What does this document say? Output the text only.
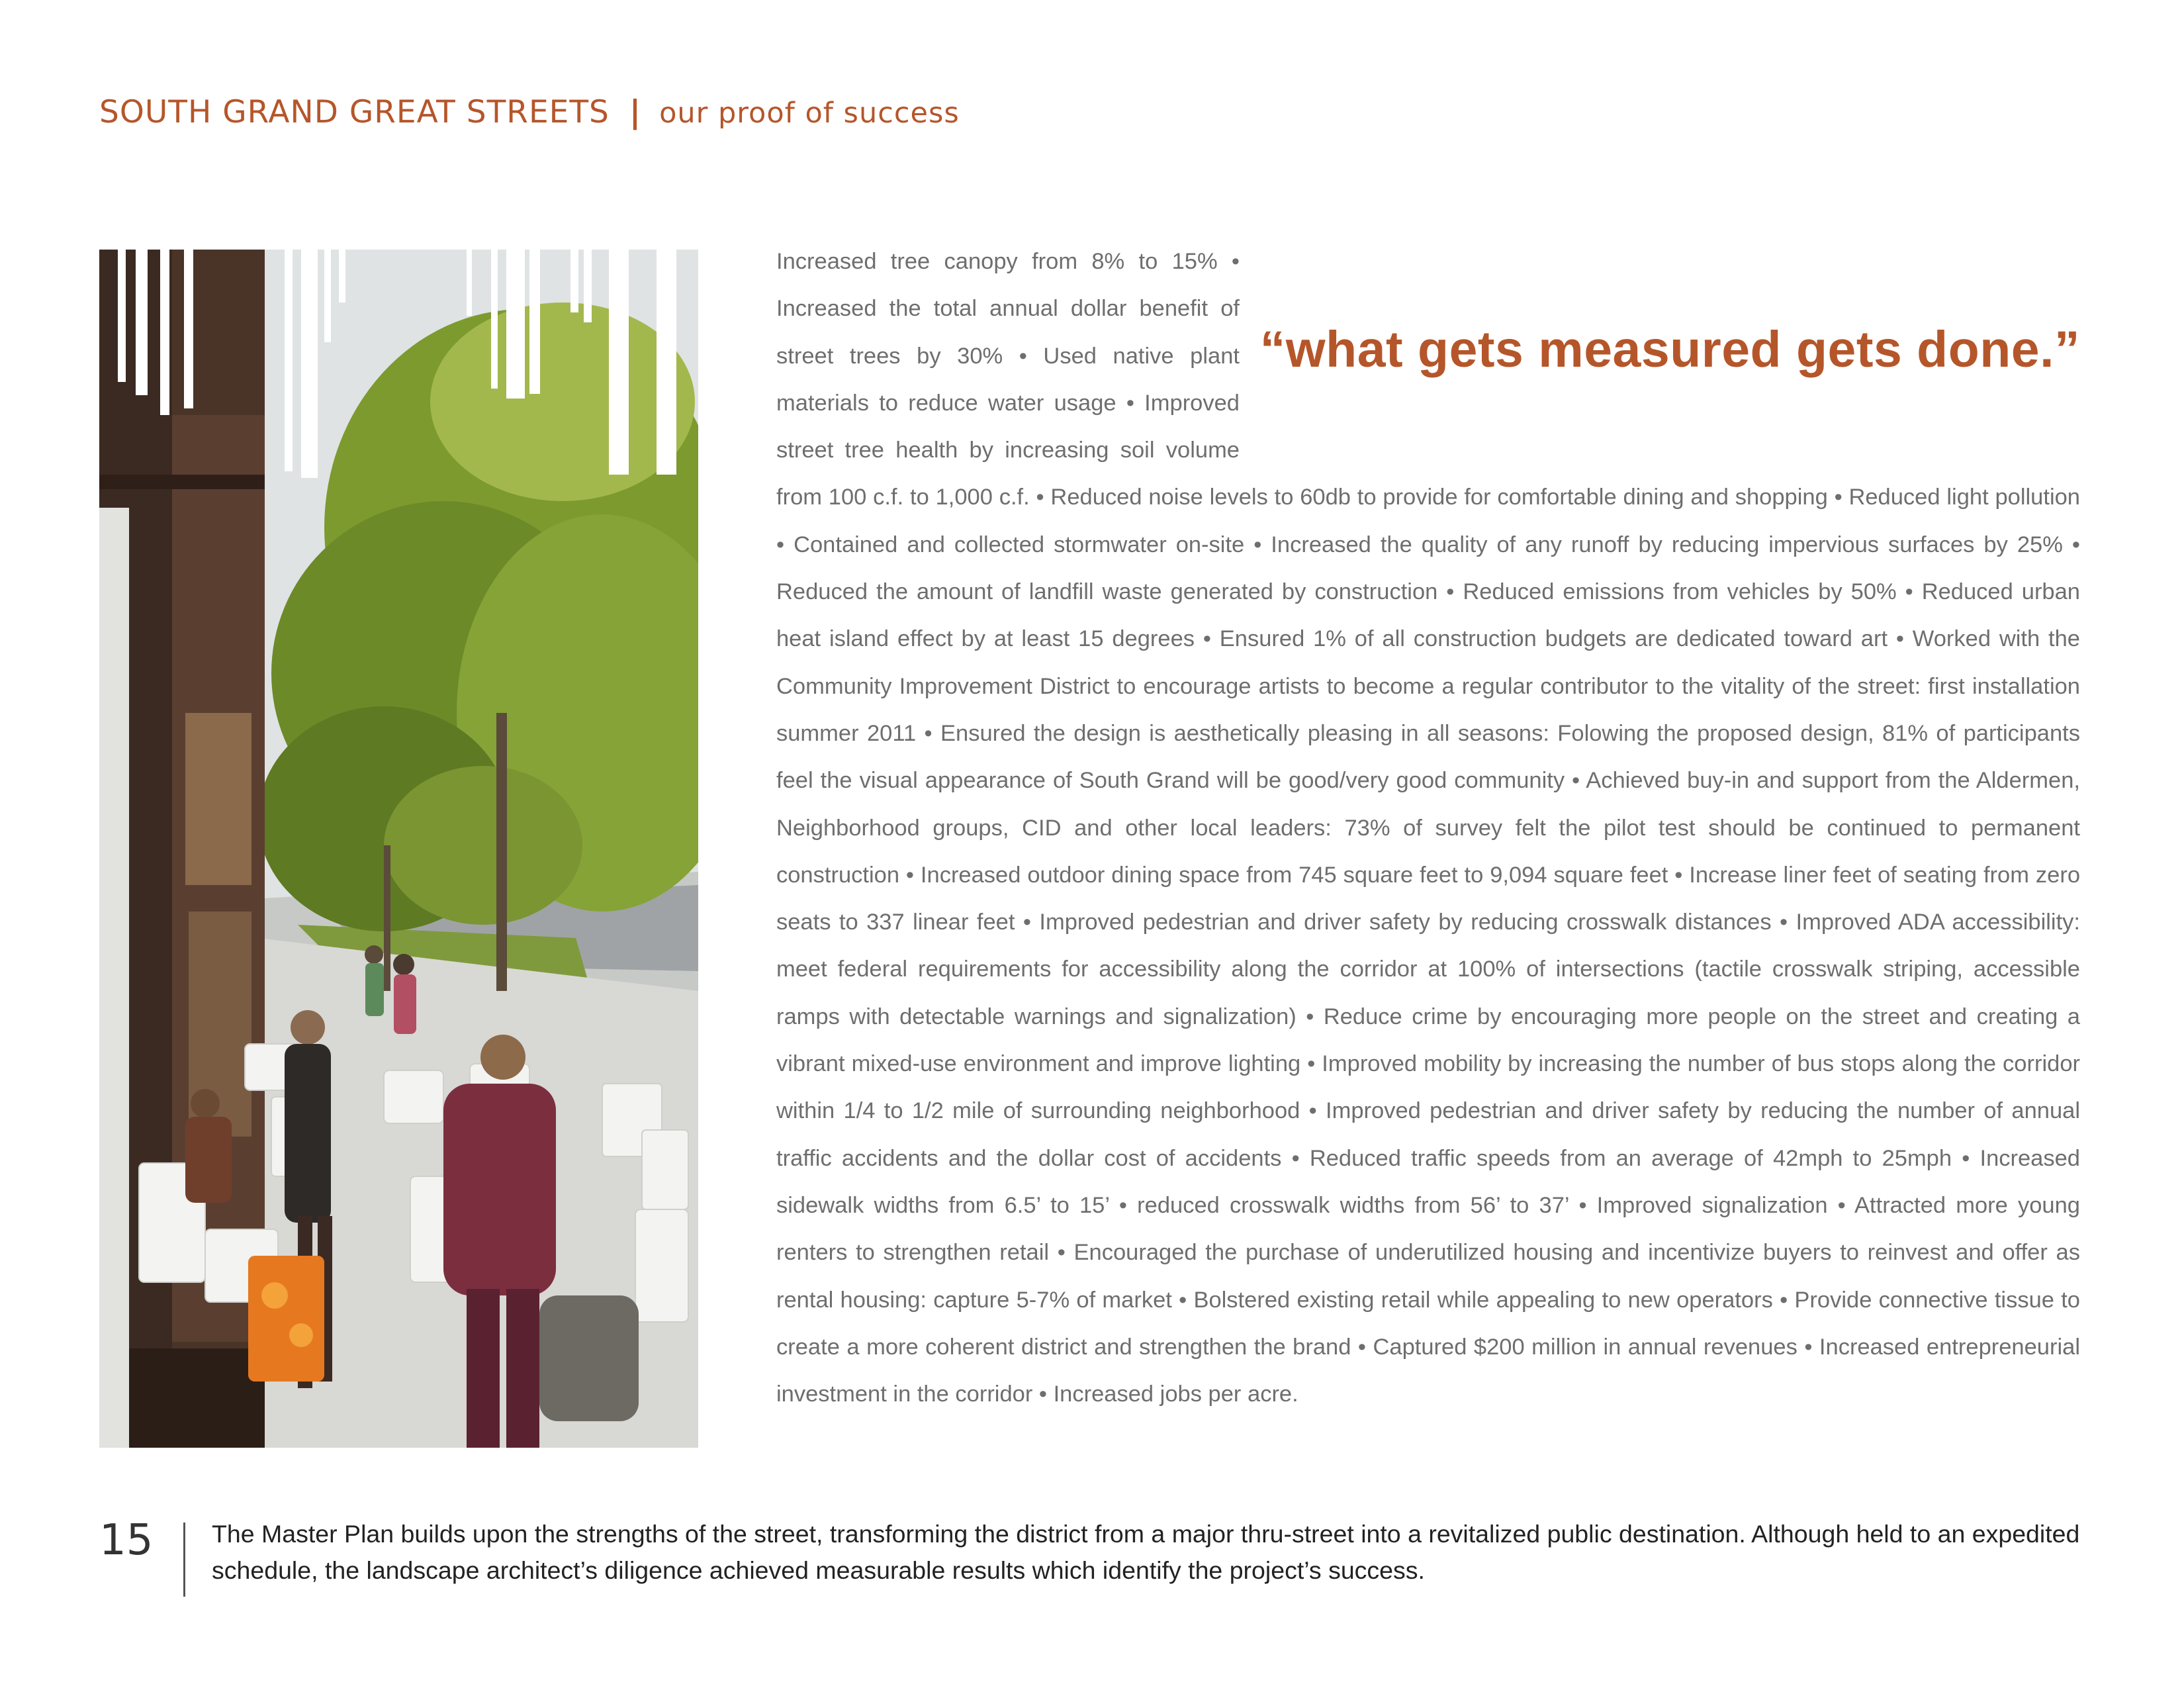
SOUTH GRAND GREAT STREETS | our proof of success
“what gets measured gets done.”
Increased tree canopy from 8% to 15% • Increased the total annual dollar benefit of street trees by 30% • Used native plant materials to reduce water usage • Improved street tree health by increasing soil volume from 100 c.f. to 1,000 c.f. • Reduced noise levels to 60db to provide for comfortable dining and shopping • Reduced light pollution • Contained and collected stormwater on-site • Increased the quality of any runoff by reducing impervious surfaces by 25% • Reduced the amount of landfill waste generated by construction • Reduced emissions from vehicles by 50% • Reduced urban heat island effect by at least 15 degrees • Ensured 1% of all construction budgets are dedicated toward art • Worked with the Community Improvement District to encourage artists to become a regular contributor to the vitality of the street: first installation summer 2011 • Ensured the design is aesthetically pleasing in all seasons: Folowing the proposed design, 81% of participants feel the visual appearance of South Grand will be good/very good community • Achieved buy-in and support from the Aldermen, Neighborhood groups, CID and other local leaders: 73% of survey felt the pilot test should be continued to permanent construction • Increased outdoor dining space from 745 square feet to 9,094 square feet • Increase liner feet of seating from zero seats to 337 linear feet • Improved pedestrian and driver safety by reducing crosswalk distances • Improved ADA accessibility: meet federal requirements for accessibility along the corridor at 100% of intersections (tactile crosswalk striping, accessible ramps with detectable warnings and signalization) • Reduce crime by encouraging more people on the street and creating a vibrant mixed-use environment and improve lighting • Improved mobility by increasing the number of bus stops along the corridor within 1/4 to 1/2 mile of surrounding neighborhood • Improved pedestrian and driver safety by reducing the number of annual traffic accidents and the dollar cost of accidents • Reduced traffic speeds from an average of 42mph to 25mph • Increased sidewalk widths from 6.5’ to 15’ • reduced crosswalk widths from 56’ to 37’ • Improved signalization • Attracted more young renters to strengthen retail • Encouraged the purchase of underutilized housing and incentivize buyers to reinvest and offer as rental housing: capture 5-7% of market • Bolstered existing retail while appealing to new operators • Provide connective tissue to create a more coherent district and strengthen the brand • Captured $200 million in annual revenues • Increased entrepreneurial investment in the corridor • Increased jobs per acre.
15 The Master Plan builds upon the strengths of the street, transforming the district from a major thru-street into a revitalized public destination. Although held to an expedited schedule, the landscape architect’s diligence achieved measurable results which identify the project’s success.
